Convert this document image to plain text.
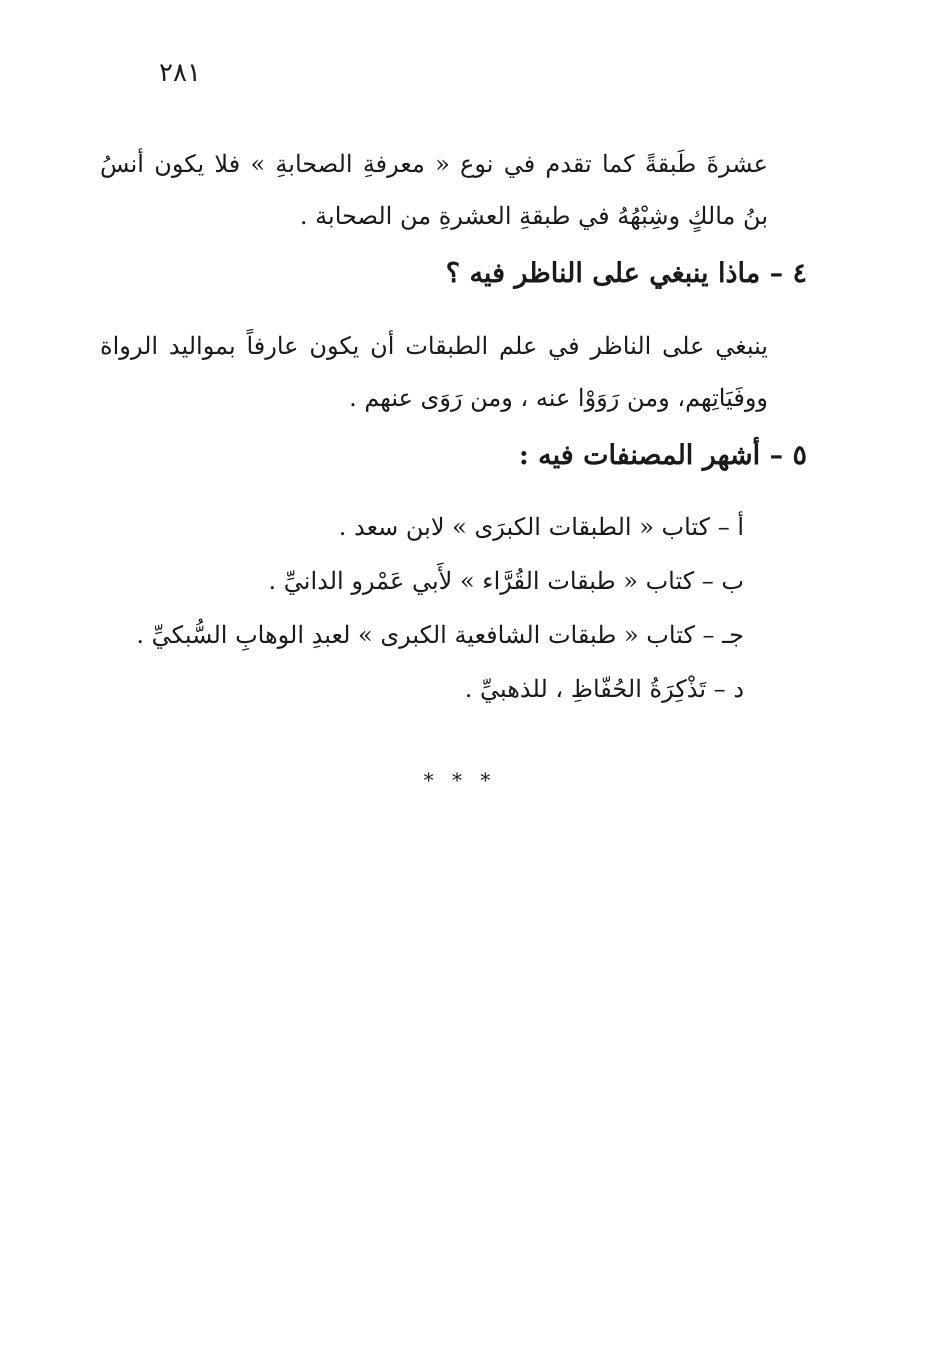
٢٨١

عشرةَ طَبقةً كما تقدم في نوع « معرفةِ الصحابةِ » فلا يكون أنسُ بنُ مالكٍ وشِبْهُهُ في طبقةِ العشرةِ من الصحابة .

٤ – ماذا ينبغي على الناظر فيه ؟

ينبغي على الناظر في علم الطبقات أن يكون عارفاً بمواليد الرواة ووفَيَاتِهم، ومن رَوَوْا عنه ، ومن رَوَى عنهم .

٥ – أشهر المصنفات فيه :
أ – كتاب « الطبقات الكبرَى » لابن سعد .
ب – كتاب « طبقات القُرَّاء » لأَبي عَمْرو الدانيِّ .
جـ – كتاب « طبقات الشافعية الكبرى » لعبدِ الوهابِ السُّبكيِّ .
د – تَذْكِرَةُ الحُفّاظِ ، للذهبيِّ .
* * *
